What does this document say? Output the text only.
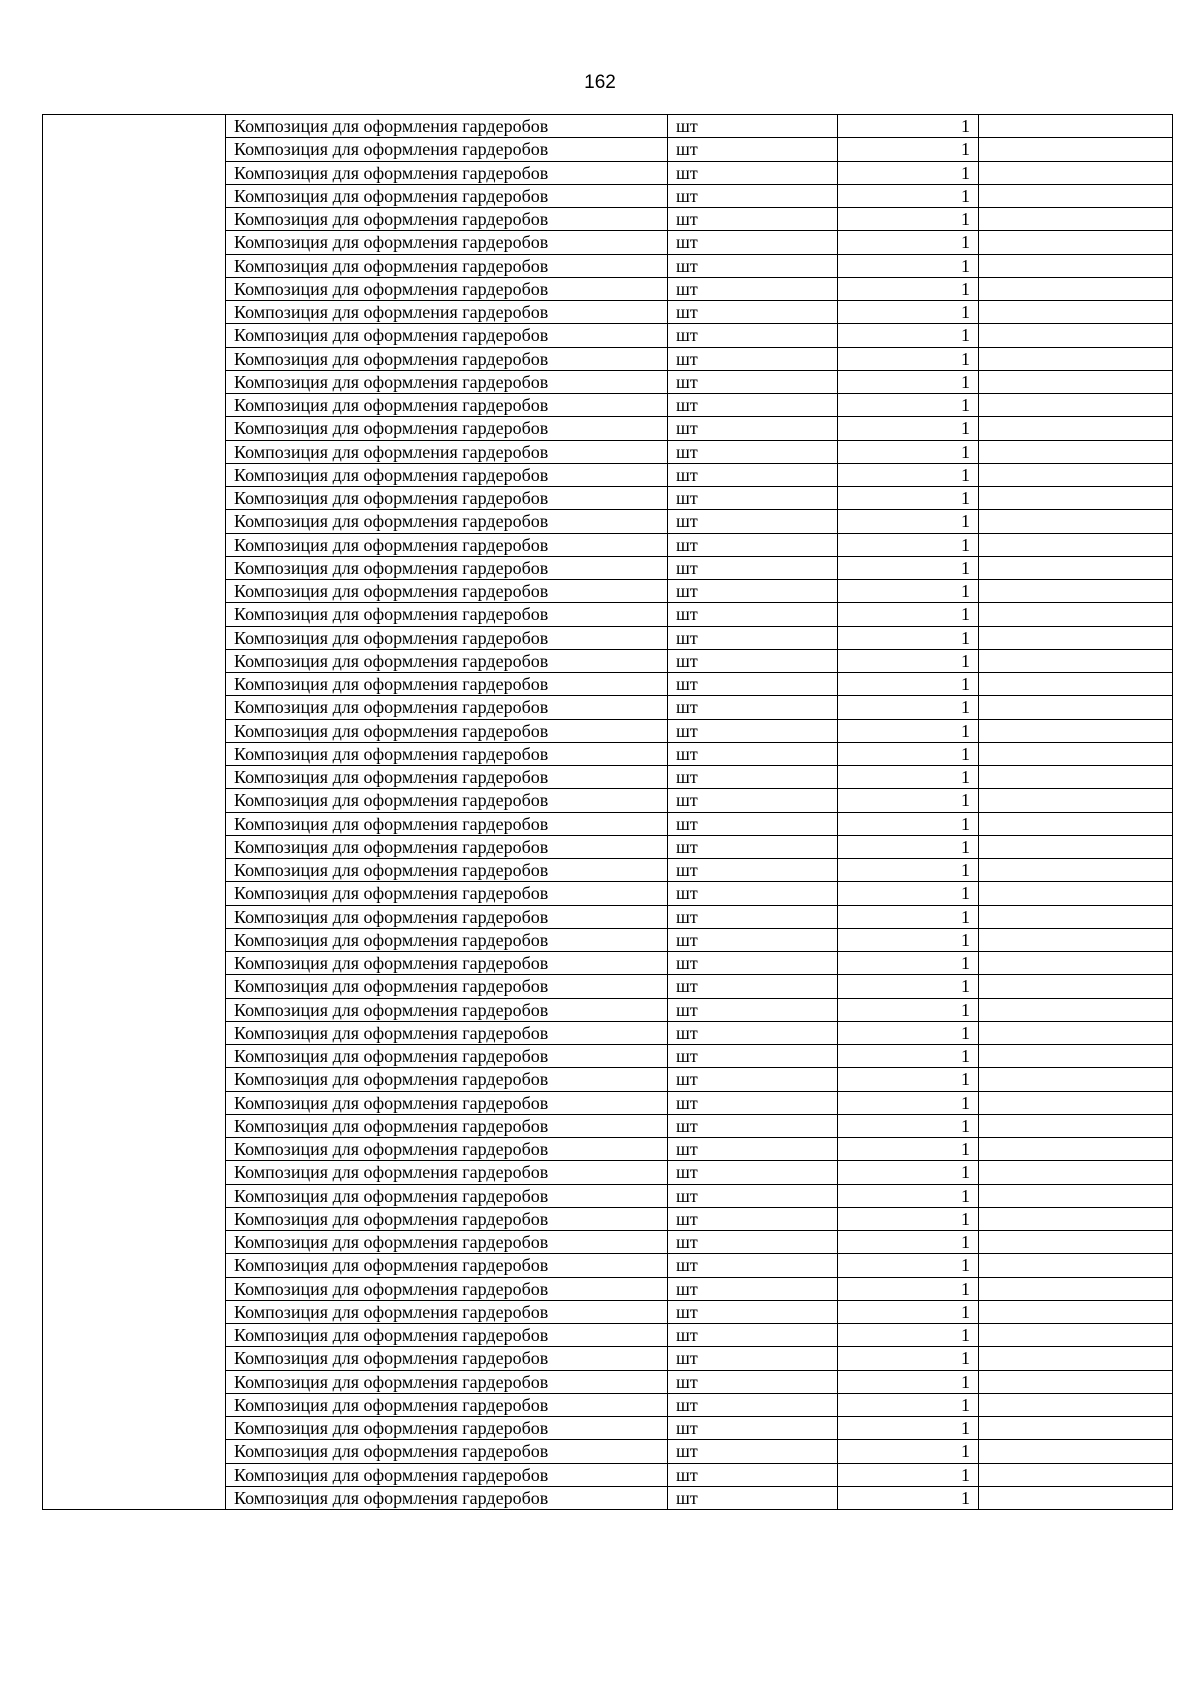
162
	Композиция для оформления гардеробов	шт	1	
	Композиция для оформления гардеробов	шт	1	
	Композиция для оформления гардеробов	шт	1	
	Композиция для оформления гардеробов	шт	1	
	Композиция для оформления гардеробов	шт	1	
	Композиция для оформления гардеробов	шт	1	
	Композиция для оформления гардеробов	шт	1	
	Композиция для оформления гардеробов	шт	1	
	Композиция для оформления гардеробов	шт	1	
	Композиция для оформления гардеробов	шт	1	
	Композиция для оформления гардеробов	шт	1	
	Композиция для оформления гардеробов	шт	1	
	Композиция для оформления гардеробов	шт	1	
	Композиция для оформления гардеробов	шт	1	
	Композиция для оформления гардеробов	шт	1	
	Композиция для оформления гардеробов	шт	1	
	Композиция для оформления гардеробов	шт	1	
	Композиция для оформления гардеробов	шт	1	
	Композиция для оформления гардеробов	шт	1	
	Композиция для оформления гардеробов	шт	1	
	Композиция для оформления гардеробов	шт	1	
	Композиция для оформления гардеробов	шт	1	
	Композиция для оформления гардеробов	шт	1	
	Композиция для оформления гардеробов	шт	1	
	Композиция для оформления гардеробов	шт	1	
	Композиция для оформления гардеробов	шт	1	
	Композиция для оформления гардеробов	шт	1	
	Композиция для оформления гардеробов	шт	1	
	Композиция для оформления гардеробов	шт	1	
	Композиция для оформления гардеробов	шт	1	
	Композиция для оформления гардеробов	шт	1	
	Композиция для оформления гардеробов	шт	1	
	Композиция для оформления гардеробов	шт	1	
	Композиция для оформления гардеробов	шт	1	
	Композиция для оформления гардеробов	шт	1	
	Композиция для оформления гардеробов	шт	1	
	Композиция для оформления гардеробов	шт	1	
	Композиция для оформления гардеробов	шт	1	
	Композиция для оформления гардеробов	шт	1	
	Композиция для оформления гардеробов	шт	1	
	Композиция для оформления гардеробов	шт	1	
	Композиция для оформления гардеробов	шт	1	
	Композиция для оформления гардеробов	шт	1	
	Композиция для оформления гардеробов	шт	1	
	Композиция для оформления гардеробов	шт	1	
	Композиция для оформления гардеробов	шт	1	
	Композиция для оформления гардеробов	шт	1	
	Композиция для оформления гардеробов	шт	1	
	Композиция для оформления гардеробов	шт	1	
	Композиция для оформления гардеробов	шт	1	
	Композиция для оформления гардеробов	шт	1	
	Композиция для оформления гардеробов	шт	1	
	Композиция для оформления гардеробов	шт	1	
	Композиция для оформления гардеробов	шт	1	
	Композиция для оформления гардеробов	шт	1	
	Композиция для оформления гардеробов	шт	1	
	Композиция для оформления гардеробов	шт	1	
	Композиция для оформления гардеробов	шт	1	
	Композиция для оформления гардеробов	шт	1	
	Композиция для оформления гардеробов	шт	1	
